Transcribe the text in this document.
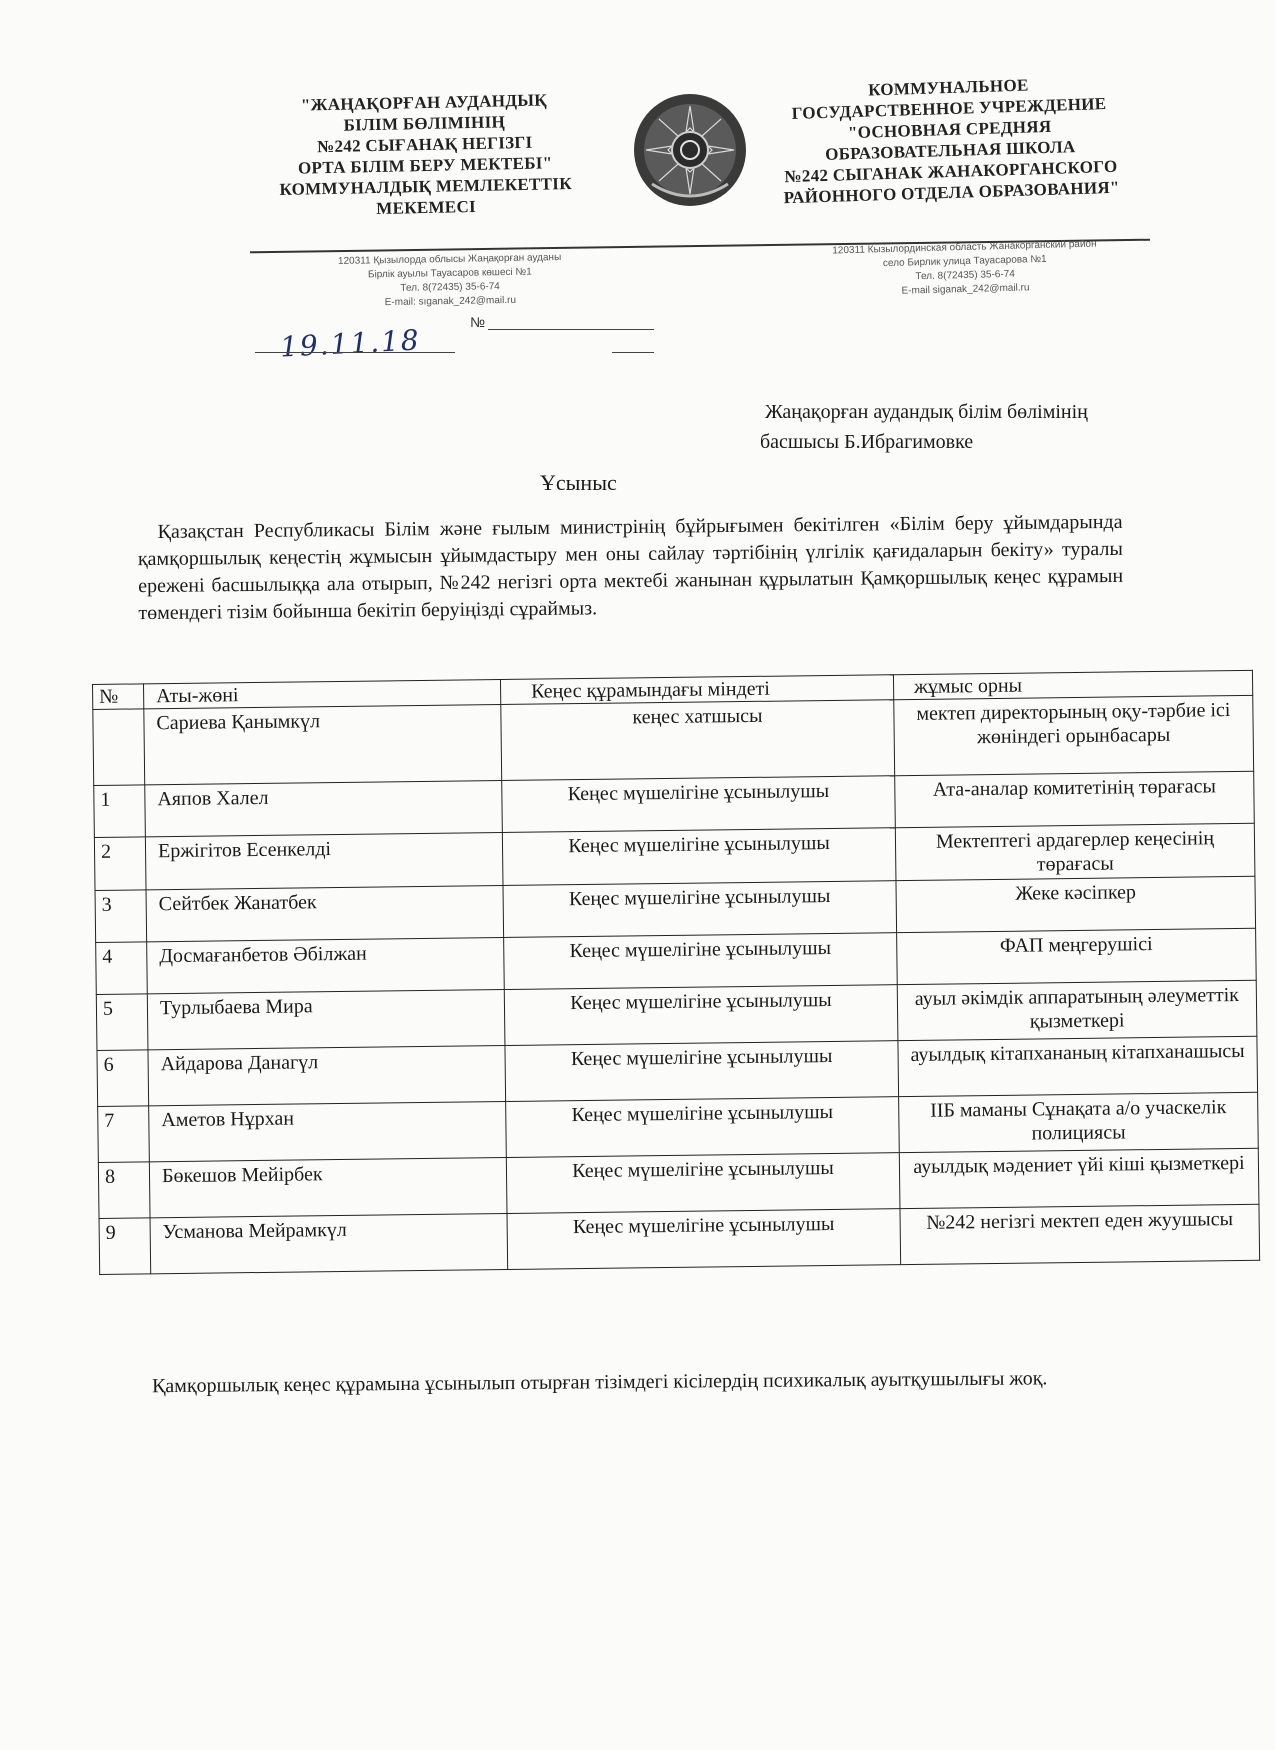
"ЖАҢАҚОРҒАН АУДАНДЫҚ
БІЛІМ БӨЛІМІНІҢ
№242 СЫҒАНАҚ НЕГІЗГІ
ОРТА БІЛІМ БЕРУ МЕКТЕБІ"
КОММУНАЛДЫҚ МЕМЛЕКЕТТІК
МЕКЕМЕСІ
КОММУНАЛЬНОЕ
ГОСУДАРСТВЕННОЕ УЧРЕЖДЕНИЕ
"ОСНОВНАЯ СРЕДНЯЯ
ОБРАЗОВАТЕЛЬНАЯ ШКОЛА
№242 СЫГАНАК ЖАНАКОРГАНСКОГО
РАЙОННОГО ОТДЕЛА ОБРАЗОВАНИЯ"
120311 Қызылорда облысы Жаңақорған ауданы
Бірлік ауылы Тауасаров көшесі №1
Тел. 8(72435) 35-6-74
E-mail: sıganak_242@mail.ru
120311 Кызылординская область Жанакорганский район
село Бирлик улица Тауасарова №1
Тел. 8(72435) 35-6-74
E-mail siganak_242@mail.ru
19.11.18
№
Жаңақорған аудандық білім бөлімінің
басшысы Б.Ибрагимовке
Ұсыныс
Қазақстан Республикасы Білім және ғылым министрінің бұйрығымен бекітілген «Білім беру ұйымдарында қамқоршылық кеңестің жұмысын ұйымдастыру мен оны сайлау тәртібінің үлгілік қағидаларын бекіту» туралы ережені басшылыққа ала отырып, №242 негізгі орта мектебі жанынан құрылатын Қамқоршылық кеңес құрамын төмендегі тізім бойынша бекітіп беруіңізді сұраймыз.
№	Аты-жөні	Кеңес құрамындағы міндеті	жұмыс орны
	Сариева Қанымкүл	кеңес хатшысы	мектеп директорының оқу-тәрбие ісі жөніндегі орынбасары
1	Аяпов Халел	Кеңес мүшелігіне ұсынылушы	Ата-аналар комитетінің төрағасы
2	Ержігітов Есенкелді	Кеңес мүшелігіне ұсынылушы	Мектептегі ардагерлер кеңесінің төрағасы
3	Сейтбек Жанатбек	Кеңес мүшелігіне ұсынылушы	Жеке кәсіпкер
4	Досмағанбетов Әбілжан	Кеңес мүшелігіне ұсынылушы	ФАП меңгерушісі
5	Турлыбаева Мира	Кеңес мүшелігіне ұсынылушы	ауыл әкімдік аппаратының әлеуметтік қызметкері
6	Айдарова Данагүл	Кеңес мүшелігіне ұсынылушы	ауылдық кітапхананың кітапханашысы
7	Аметов Нұрхан	Кеңес мүшелігіне ұсынылушы	ІІБ маманы Сұнақата а/о учаскелік полициясы
8	Бөкешов Мейірбек	Кеңес мүшелігіне ұсынылушы	ауылдық мәдениет үйі кіші қызметкері
9	Усманова Мейрамкүл	Кеңес мүшелігіне ұсынылушы	№242 негізгі мектеп еден жуушысы
Қамқоршылық кеңес құрамына ұсынылып отырған тізімдегі кісілердің психикалық ауытқушылығы жоқ.
